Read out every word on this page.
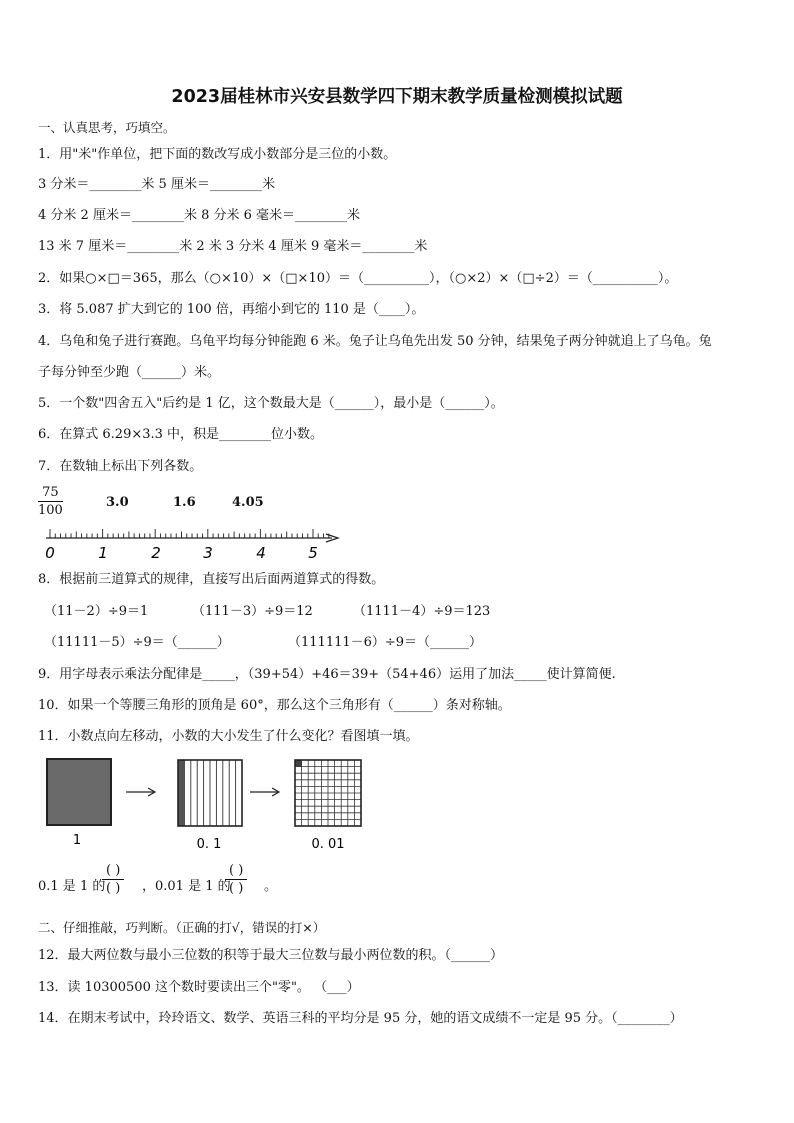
2023届桂林市兴安县数学四下期末教学质量检测模拟试题
一、认真思考，巧填空。
1．用"米"作单位，把下面的数改写成小数部分是三位的小数。
3 分米＝________米 5 厘米＝________米
4 分米 2 厘米＝________米 8 分米 6 毫米＝________米
13 米 7 厘米＝________米 2 米 3 分米 4 厘米 9 毫米＝________米
2．如果○×□＝365，那么（○×10）×（□×10）＝（__________），（○×2）×（□÷2）＝（__________）。
3．将 5.087 扩大到它的 100 倍，再缩小到它的 110 是（____）。
4．乌龟和兔子进行赛跑。乌龟平均每分钟能跑 6 米。兔子让乌龟先出发 50 分钟，结果兔子两分钟就追上了乌龟。兔
子每分钟至少跑（______）米。
5．一个数"四舍五入"后约是 1 亿，这个数最大是（______），最小是（______）。
6．在算式 6.29×3.3 中，积是________位小数。
7．在数轴上标出下列各数。
$\frac{75}{100}$	3.0	1.6	4.05
0	1	2	3	4	5
8．根据前三道算式的规律，直接写出后面两道算式的得数。
（11－2）÷9＝1	（111－3）÷9＝12	（1111－4）÷9＝123
（11111－5）÷9＝（______）	（111111－6）÷9＝（______）
9．用字母表示乘法分配律是_____，（39+54）+46＝39+（54+46）运用了加法_____使计算简便.
10．如果一个等腰三角形的顶角是 60°，那么这个三角形有（______）条对称轴。
11．小数点向左移动，小数的大小发生了什么变化？看图填一填。
1	0. 1	0. 01
0.1 是 1 的
( )
( )	，0.01 是 1 的
( )
( )	。
二、仔细推敲，巧判断。（正确的打√，错误的打×）
12．最大两位数与最小三位数的积等于最大三位数与最小两位数的积。（______）
13．读 10300500 这个数时要读出三个"零"。 （___）
14．在期末考试中，玲玲语文、数学、英语三科的平均分是 95 分，她的语文成绩不一定是 95 分。（________）
